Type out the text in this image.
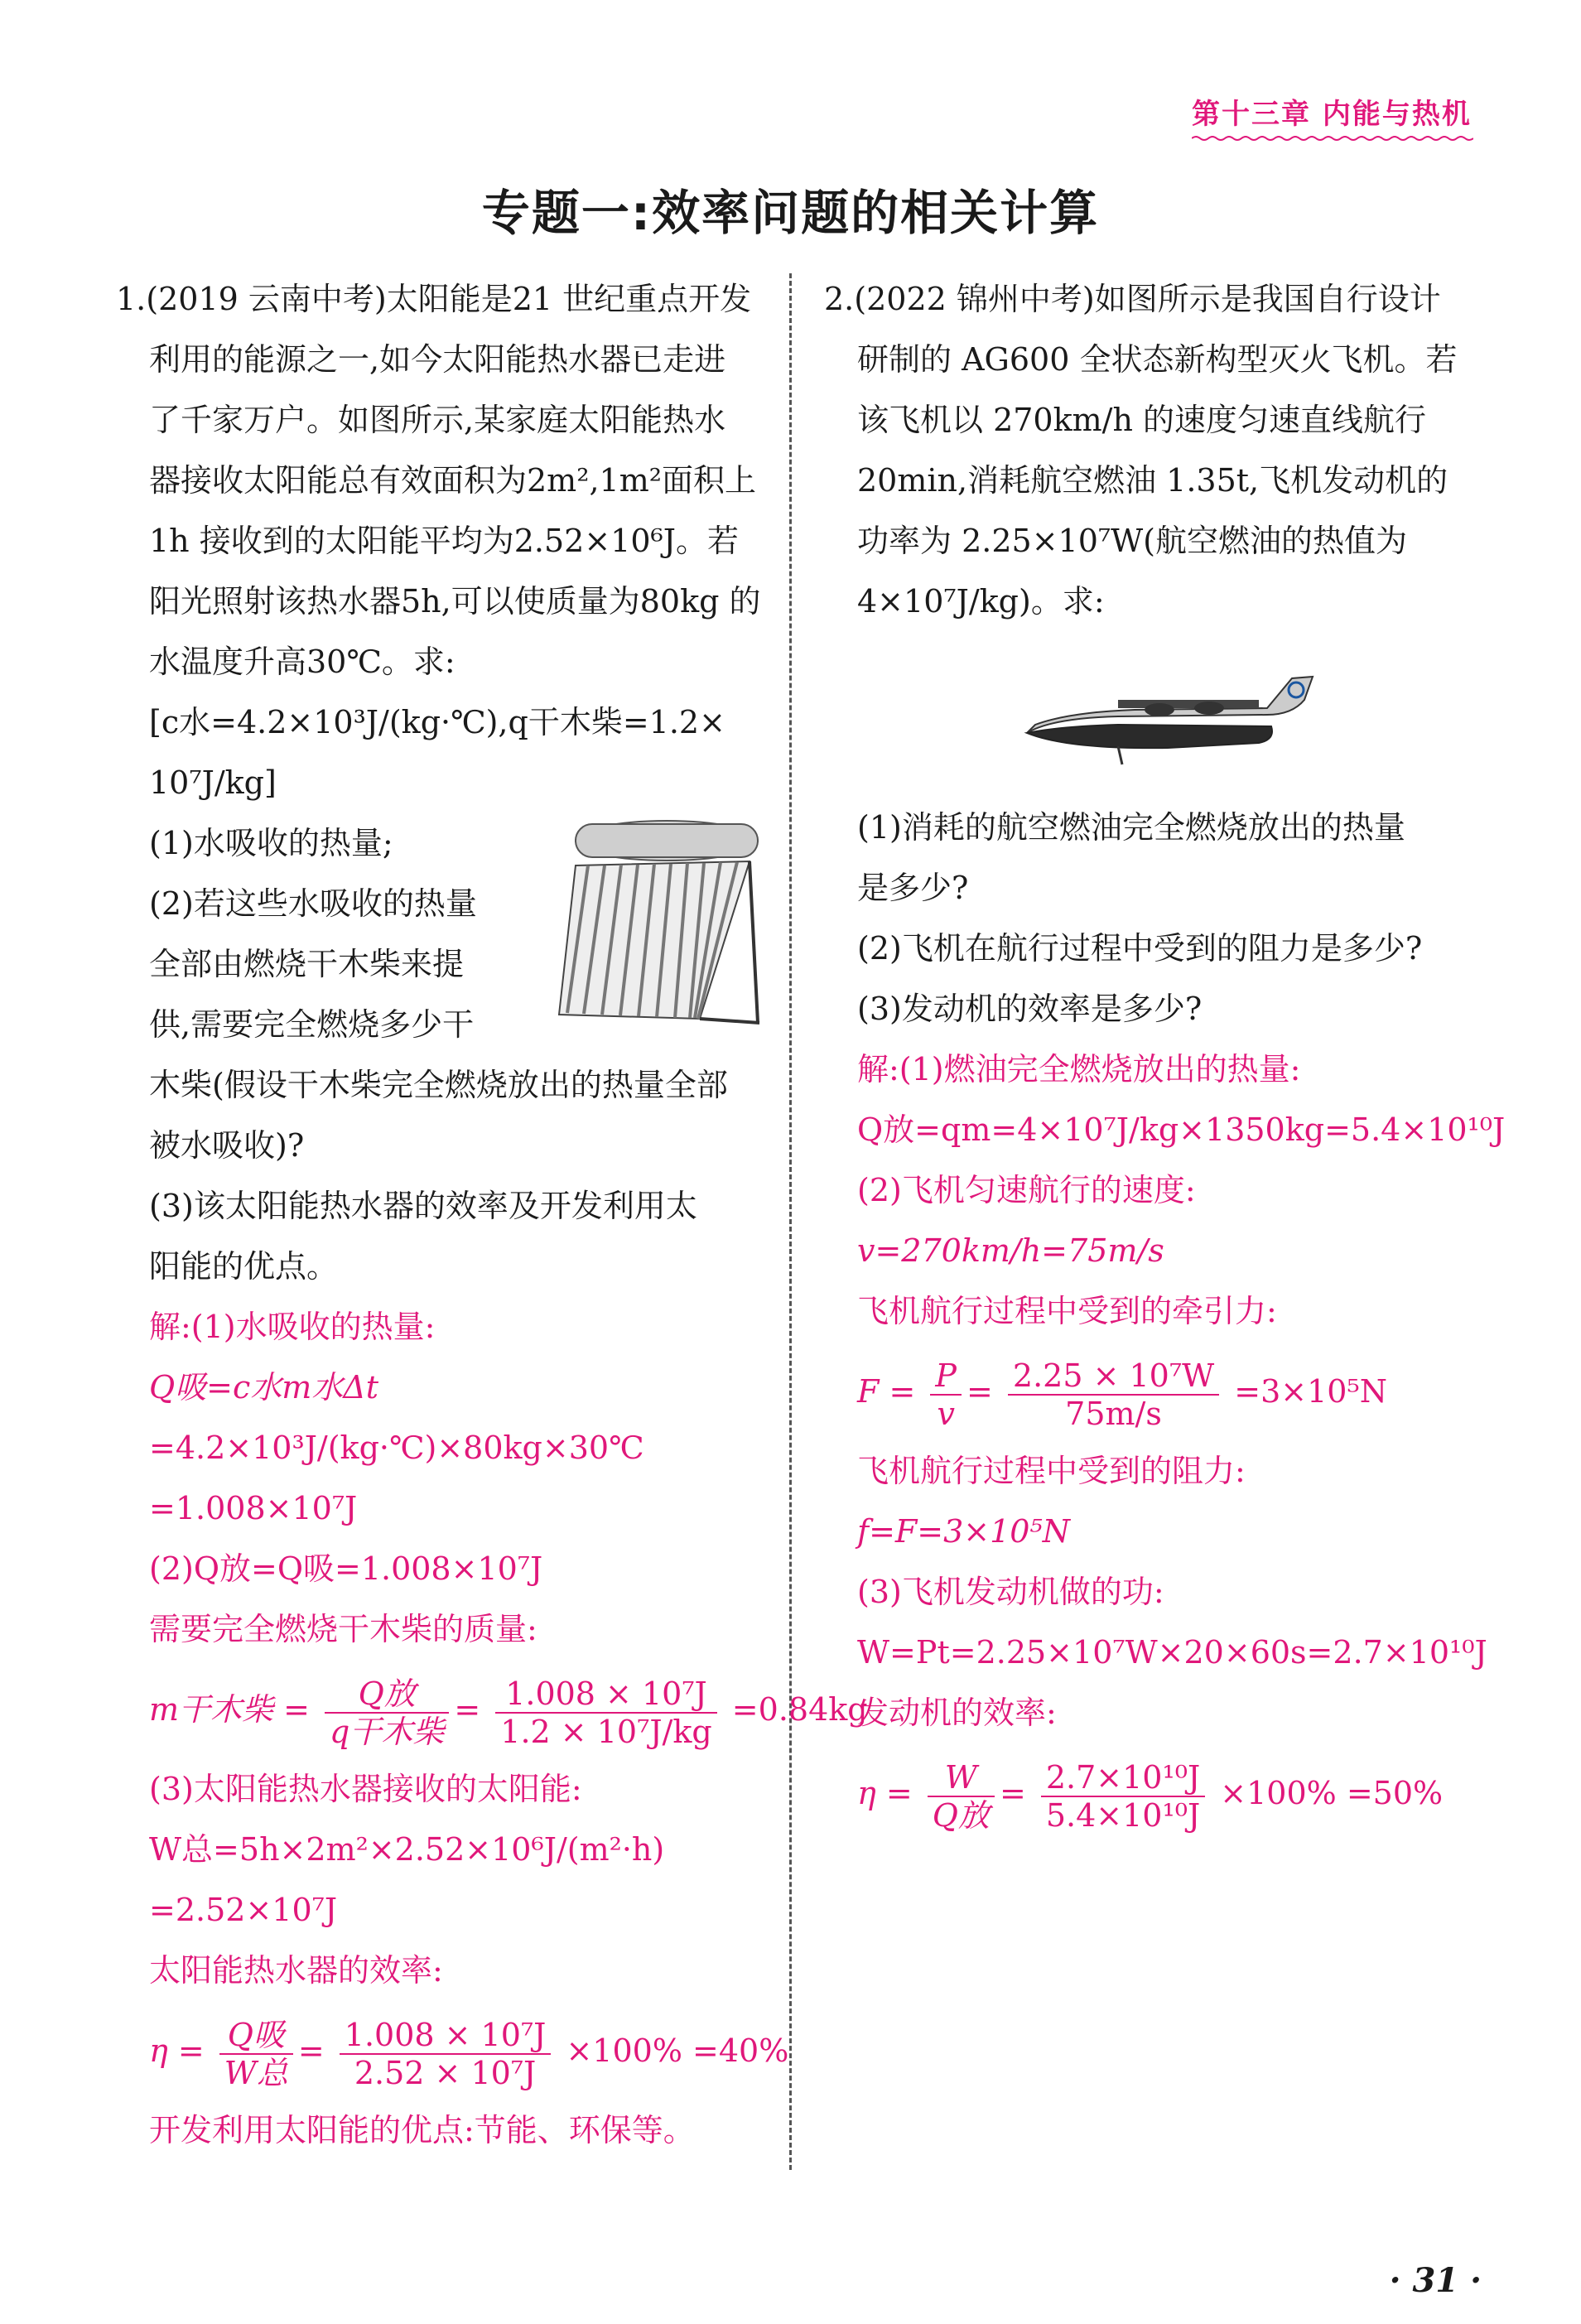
第十三章 内能与热机
专题一:效率问题的相关计算
1.(2019 云南中考)太阳能是21 世纪重点开发
利用的能源之一,如今太阳能热水器已走进
了千家万户。如图所示,某家庭太阳能热水
器接收太阳能总有效面积为2m²,1m²面积上
1h 接收到的太阳能平均为2.52×10⁶J。若
阳光照射该热水器5h,可以使质量为80kg 的
水温度升高30℃。求:
[c水=4.2×10³J/(kg·℃),q干木柴=1.2×
10⁷J/kg]
(1)水吸收的热量;
(2)若这些水吸收的热量
全部由燃烧干木柴来提
供,需要完全燃烧多少干
木柴(假设干木柴完全燃烧放出的热量全部
被水吸收)?
(3)该太阳能热水器的效率及开发利用太
阳能的优点。
解:(1)水吸收的热量:
Q吸=c水m水Δt
=4.2×10³J/(kg·℃)×80kg×30℃
=1.008×10⁷J
(2)Q放=Q吸=1.008×10⁷J
需要完全燃烧干木柴的质量:
m干木柴 = $\frac{\text{Q放}}{\text{q干木柴}} = \frac{\text{1.008 × 10⁷J}}{\text{1.2 × 10⁷J/kg}} =0.84kg$
(3)太阳能热水器接收的太阳能:
W总=5h×2m²×2.52×10⁶J/(m²·h)
=2.52×10⁷J
太阳能热水器的效率:
$\eta = \frac{\text{Q吸}}{\text{W总}} = \frac{\text{1.008 × 10⁷J}}{\text{2.52 × 10⁷J}} \times 100\% =40\%$
开发利用太阳能的优点:节能、环保等。
2.(2022 锦州中考)如图所示是我国自行设计
研制的 AG600 全状态新构型灭火飞机。若
该飞机以 270km/h 的速度匀速直线航行
20min,消耗航空燃油 1.35t,飞机发动机的
功率为 2.25×10⁷W(航空燃油的热值为
4×10⁷J/kg)。求:
(1)消耗的航空燃油完全燃烧放出的热量
是多少?
(2)飞机在航行过程中受到的阻力是多少?
(3)发动机的效率是多少?
解:(1)燃油完全燃烧放出的热量:
Q放=qm=4×10⁷J/kg×1350kg=5.4×10¹⁰J
(2)飞机匀速航行的速度:
v=270km/h=75m/s
飞机航行过程中受到的牵引力:
$F = \frac{P}{v} = \frac{\text{2.25 × 10⁷W}}{75m/s} =3\times 10^5N$
飞机航行过程中受到的阻力:
f=F=3×10⁵N
(3)飞机发动机做的功:
W=Pt=2.25×10⁷W×20×60s=2.7×10¹⁰J
发动机的效率:
$\eta = \frac{W}{\text{Q放}} = \frac{\text{2.7×10¹⁰J}}{\text{5.4×10¹⁰J}} \times 100\% =50\%$
· 31 ·
